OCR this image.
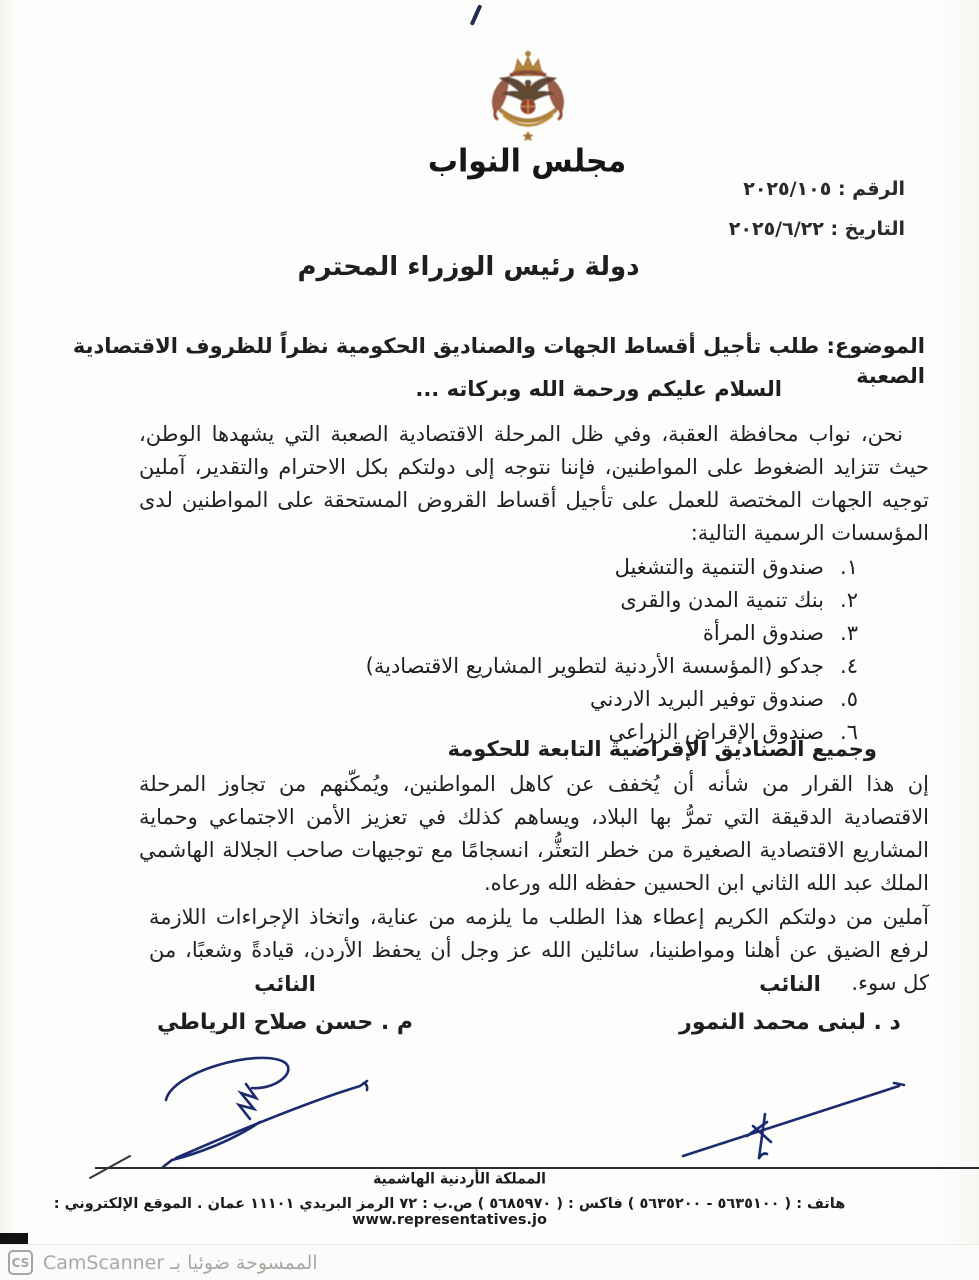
مجلس النواب
الرقم : ٢٠٢٥/١٠٥
التاريخ : ٢٠٢٥/٦/٢٢
دولة رئيس الوزراء المحترم
الموضوع: طلب تأجيل أقساط الجهات والصناديق الحكومية نظراً للظروف الاقتصادية الصعبة
السلام عليكم ورحمة الله وبركاته ...
نحن، نواب محافظة العقبة، وفي ظل المرحلة الاقتصادية الصعبة التي يشهدها الوطن، حيث تتزايد الضغوط على المواطنين، فإننا نتوجه إلى دولتكم بكل الاحترام والتقدير، آملين توجيه الجهات المختصة للعمل على تأجيل أقساط القروض المستحقة على المواطنين لدى المؤسسات الرسمية التالية:
١.
صندوق التنمية والتشغيل
٢.
بنك تنمية المدن والقرى
٣.
صندوق المرأة
٤.
جدكو (المؤسسة الأردنية لتطوير المشاريع الاقتصادية)
٥.
صندوق توفير البريد الاردني
٦.
صندوق الإقراض الزراعي
وجميع الصناديق الإقراضية التابعة للحكومة
إن هذا القرار من شأنه أن يُخفف عن كاهل المواطنين، ويُمكّنهم من تجاوز المرحلة الاقتصادية الدقيقة التي تمرُّ بها البلاد، ويساهم كذلك في تعزيز الأمن الاجتماعي وحماية المشاريع الاقتصادية الصغيرة من خطر التعثُّر، انسجامًا مع توجيهات صاحب الجلالة الهاشمي الملك عبد الله الثاني ابن الحسين حفظه الله ورعاه.
آملين من دولتكم الكريم إعطاء هذا الطلب ما يلزمه من عناية، واتخاذ الإجراءات اللازمة لرفع الضيق عن أهلنا ومواطنينا، سائلين الله عز وجل أن يحفظ الأردن، قيادةً وشعبًا، من كل سوء.
النائب
د . لبنى محمد النمور
النائب
م . حسن صلاح الرياطي
المملكة الأردنية الهاشمية
هاتف : ( ٥٦٣٥١٠٠ - ٥٦٣٥٢٠٠ ) فاكس : ( ٥٦٨٥٩٧٠ ) ص.ب : ٧٢ الرمز البريدي ١١١٠١ عمان . الموقع الإلكتروني : www.representatives.jo
CS الممسوحة ضوئيا بـ CamScanner
